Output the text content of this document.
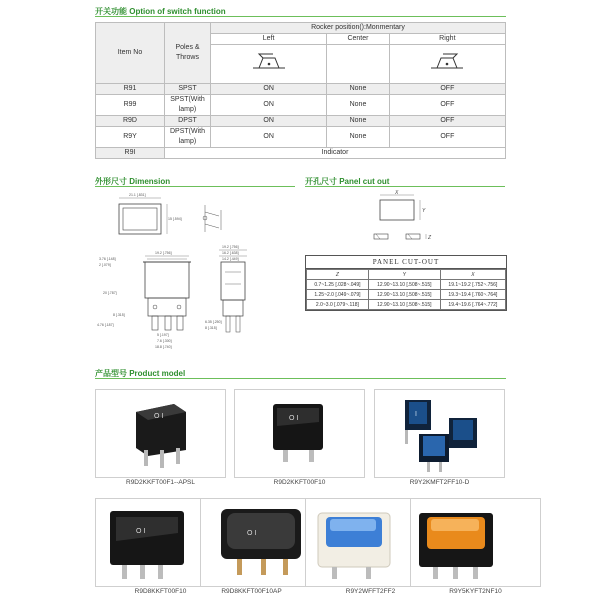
开关功能 Option of switch function
Item No	Poles & Throws	Rocker position():Monmentary		
		Left	Center	Right

R91	SPST	ON	None	OFF
R99	SPST(With lamp)	ON	None	OFF
R9D	DPST	ON	None	OFF
R9Y	DPST(With lamp)	ON	None	OFF
R9I	Indicator			
外形尺寸 Dimension
21.1 [.831]
15 [.594]
19.2 [.756]
3.76 [.148]
2 [.079]
20 [.787]
4.76 [.187]
8 [.315]
5 [.197]
7.6 [.300]
18.8 [.740]
19.2 [.756]
16.2 [.638]
14.2 [.449]
6.35 [.250]
8 [.315]
开孔尺寸 Panel cut out
X
Y
Z
PANEL CUT-OUT
Z	Y	X
0.7~1.25 [.028~.049]	12.90~13.10 [.508~.515]	19.1~19.2 [.752~.756]
1.25~2.0 [.049~.079]	12.90~13.10 [.508~.515]	19.3~19.4 [.760~.764]
2.0~3.0 [.079~.118]	12.90~13.10 [.508~.515]	19.4~19.6 [.764~.772]
产品型号 Product model
O I
R9D2KKFT00F1--APSL
O I
R9D2KKFT00F10
I
R9Y2KMFT2FF10-D
O I
R9D8KKFT00F10
O I
R9D8KKFT00F10AP	R9Y2WFFT2FF2	R9Y5KYFT2NF10
